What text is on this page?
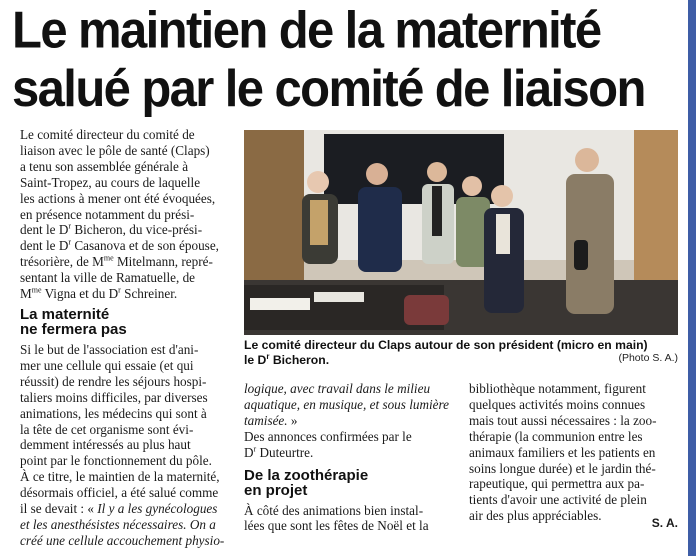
Le maintien de la maternité
salué par le comité de liaison
Le comité directeur du comité de
liaison avec le pôle de santé (Claps)
a tenu son assemblée générale à
Saint-Tropez, au cours de laquelle
les actions à mener ont été évoquées,
en présence notamment du prési-
dent le $D^r$ Bicheron, du vice-prési-
dent le $D^r$ Casanova et de son épouse,
trésorière, de $M^{me}$ Mitelmann, repré-
sentant la ville de Ramatuelle, de
$M^{me}$ Vigna et du $D^r$ Schreiner.
La maternité
ne fermera pas
Si le but de l'association est d'ani-
mer une cellule qui essaie (et qui
réussit) de rendre les séjours hospi-
taliers moins difficiles, par diverses
animations, les médecins qui sont à
la tête de cet organisme sont évi-
demment intéressés au plus haut
point par le fonctionnement du pôle.
À ce titre, le maintien de la maternité,
désormais officiel, a été salué comme
il se devait : « Il y a les gynécologues
et les anesthésistes nécessaires. On a
créé une cellule accouchement physio-
Le comité directeur du Claps autour de son président (micro en main)
le $D^r$ Bicheron.	(Photo S. A.)
logique, avec travail dans le milieu
aquatique, en musique, et sous lumière
tamisée. »
Des annonces confirmées par le
$D^r$ Duteurtre.
De la zoothérapie
en projet
À côté des animations bien instal-
lées que sont les fêtes de Noël et la
bibliothèque notamment, figurent
quelques activités moins connues
mais tout aussi nécessaires : la zoo-
thérapie (la communion entre les
animaux familiers et les patients en
soins longue durée) et le jardin thé-
rapeutique, qui permettra aux pa-
tients d'avoir une activité de plein
air des plus appréciables.	S. A.
